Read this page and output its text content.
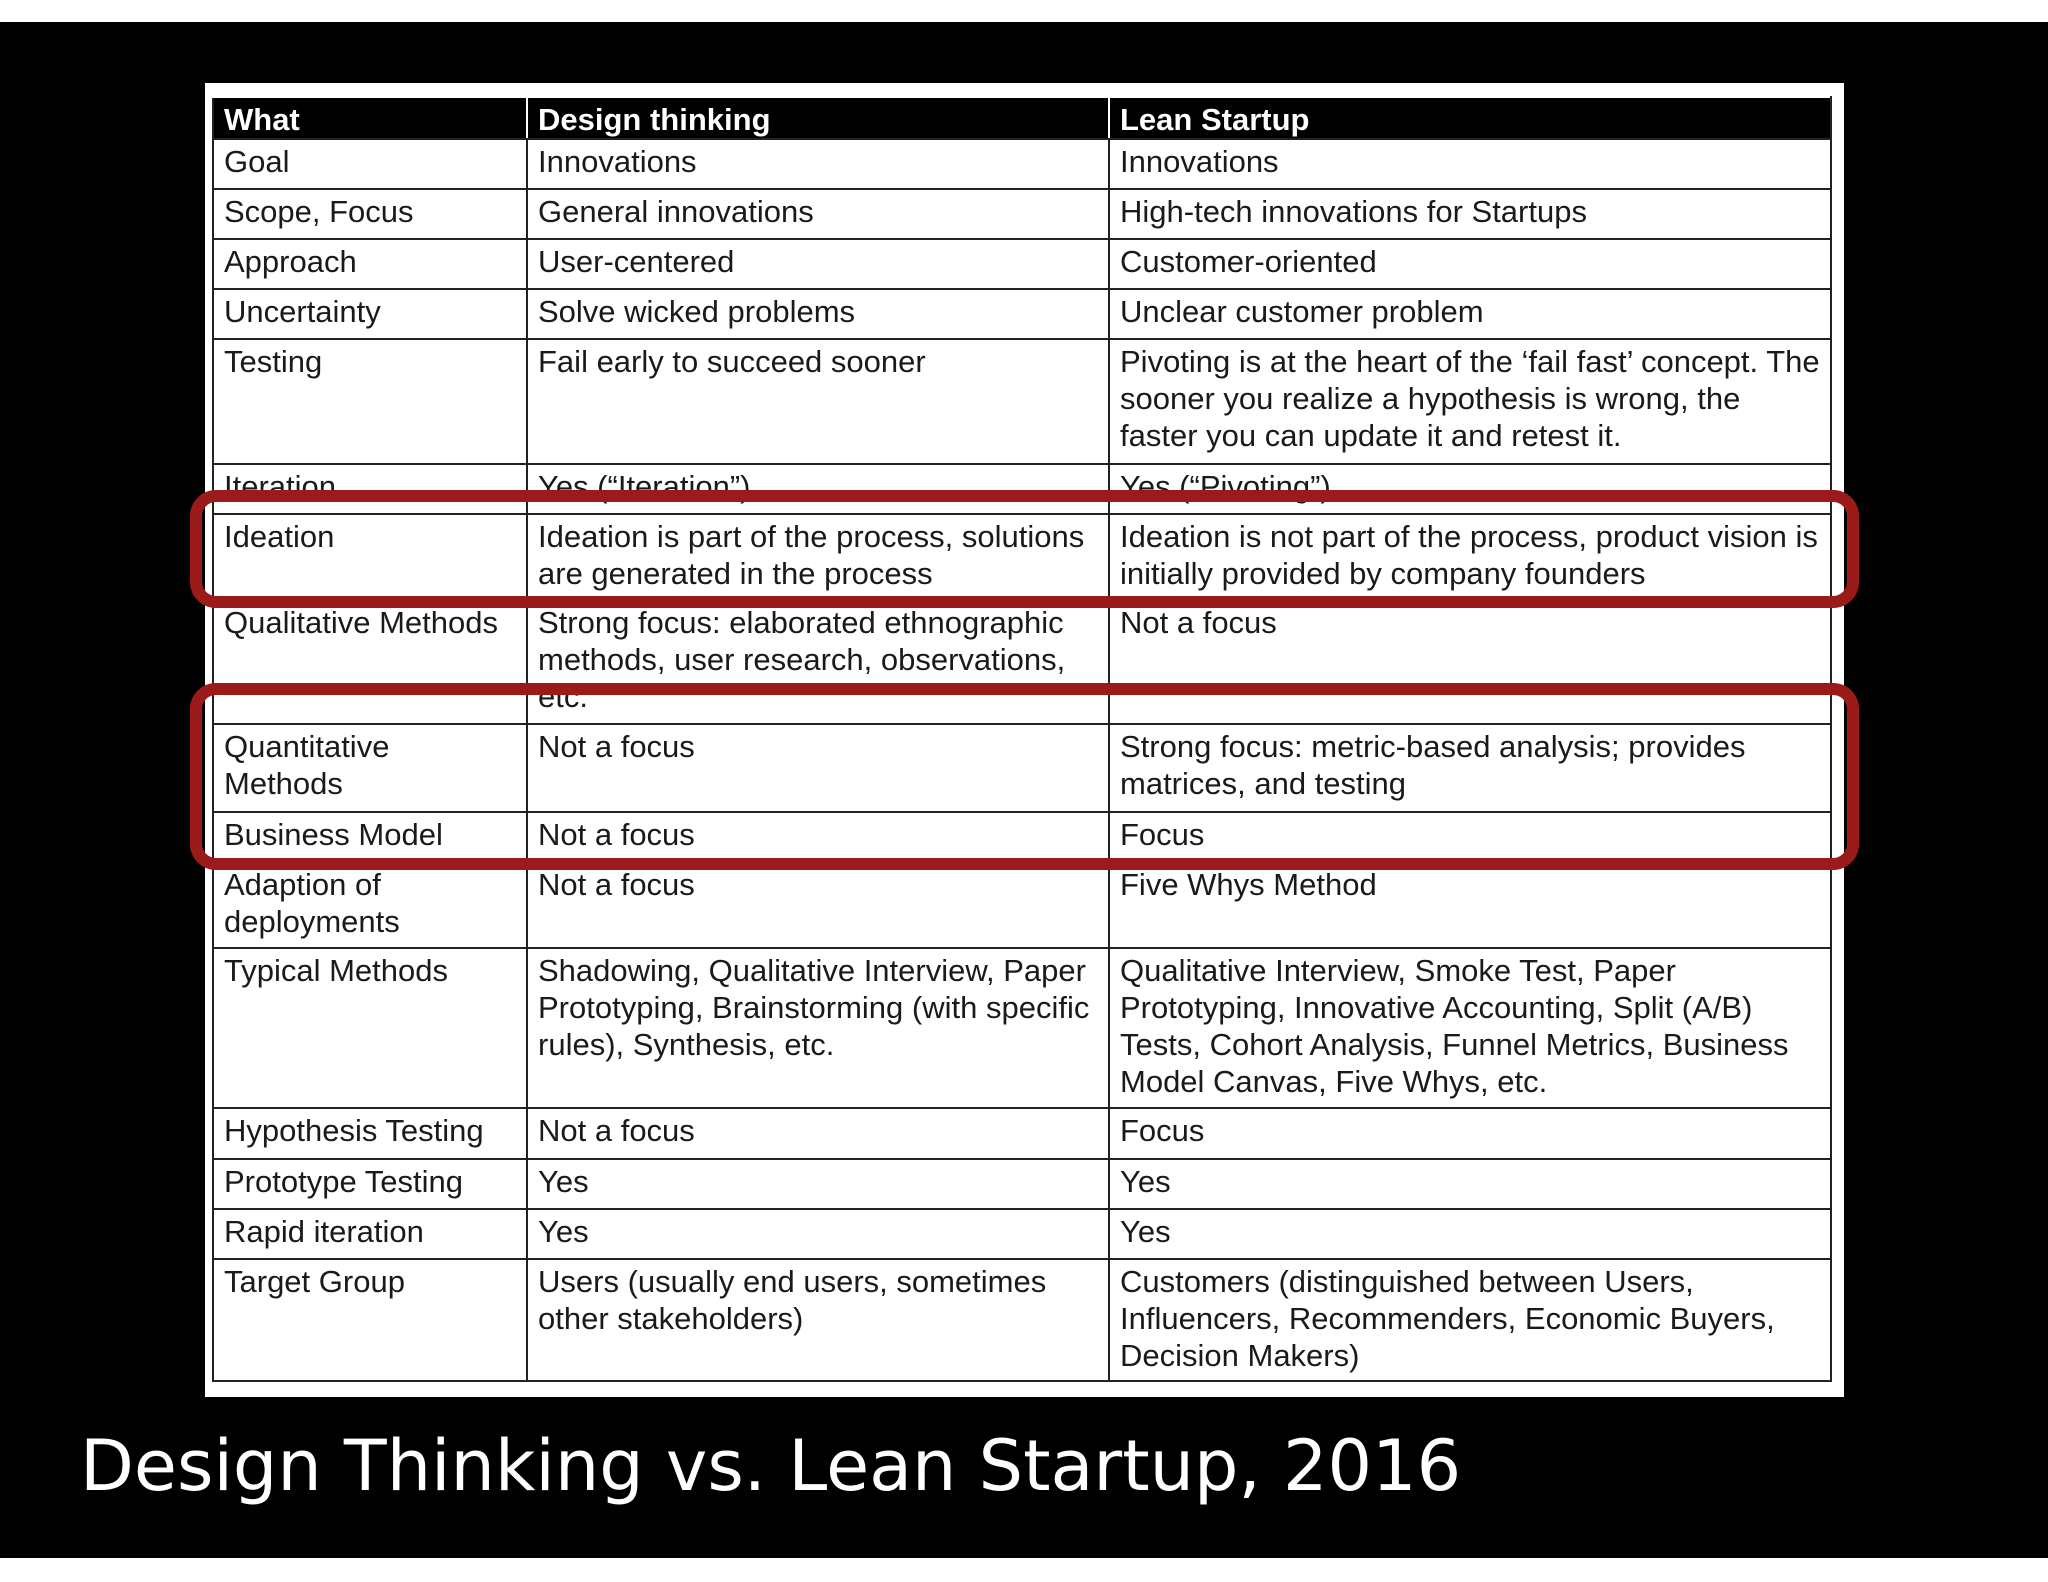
What	Design thinking	Lean Startup
Goal	Innovations	Innovations
Scope, Focus	General innovations	High-tech innovations for Startups
Approach	User-centered	Customer-oriented
Uncertainty	Solve wicked problems	Unclear customer problem
Testing	Fail early to succeed sooner	Pivoting is at the heart of the ‘fail fast’ concept. The sooner you realize a hypothesis is wrong, the faster you can update it and retest it.
Iteration	Yes (“Iteration”)	Yes (“Pivoting”)
Ideation	Ideation is part of the process, solutions are generated in the process	Ideation is not part of the process, product vision is initially provided by company founders
Qualitative Methods	Strong focus: elaborated ethnographic methods, user research, observations, etc.	Not a focus
Quantitative Methods	Not a focus	Strong focus: metric-based analysis; provides matrices, and testing
Business Model	Not a focus	Focus
Adaption of deployments	Not a focus	Five Whys Method
Typical Methods	Shadowing, Qualitative Interview, Paper Prototyping, Brainstorming (with specific rules), Synthesis, etc.	Qualitative Interview, Smoke Test, Paper Prototyping, Innovative Accounting, Split (A/B) Tests, Cohort Analysis, Funnel Metrics, Business Model Canvas, Five Whys, etc.
Hypothesis Testing	Not a focus	Focus
Prototype Testing	Yes	Yes
Rapid iteration	Yes	Yes
Target Group	Users (usually end users, sometimes other stakeholders)	Customers (distinguished between Users, Influencers, Recommenders, Economic Buyers, Decision Makers)
Design Thinking vs. Lean Startup, 2016
